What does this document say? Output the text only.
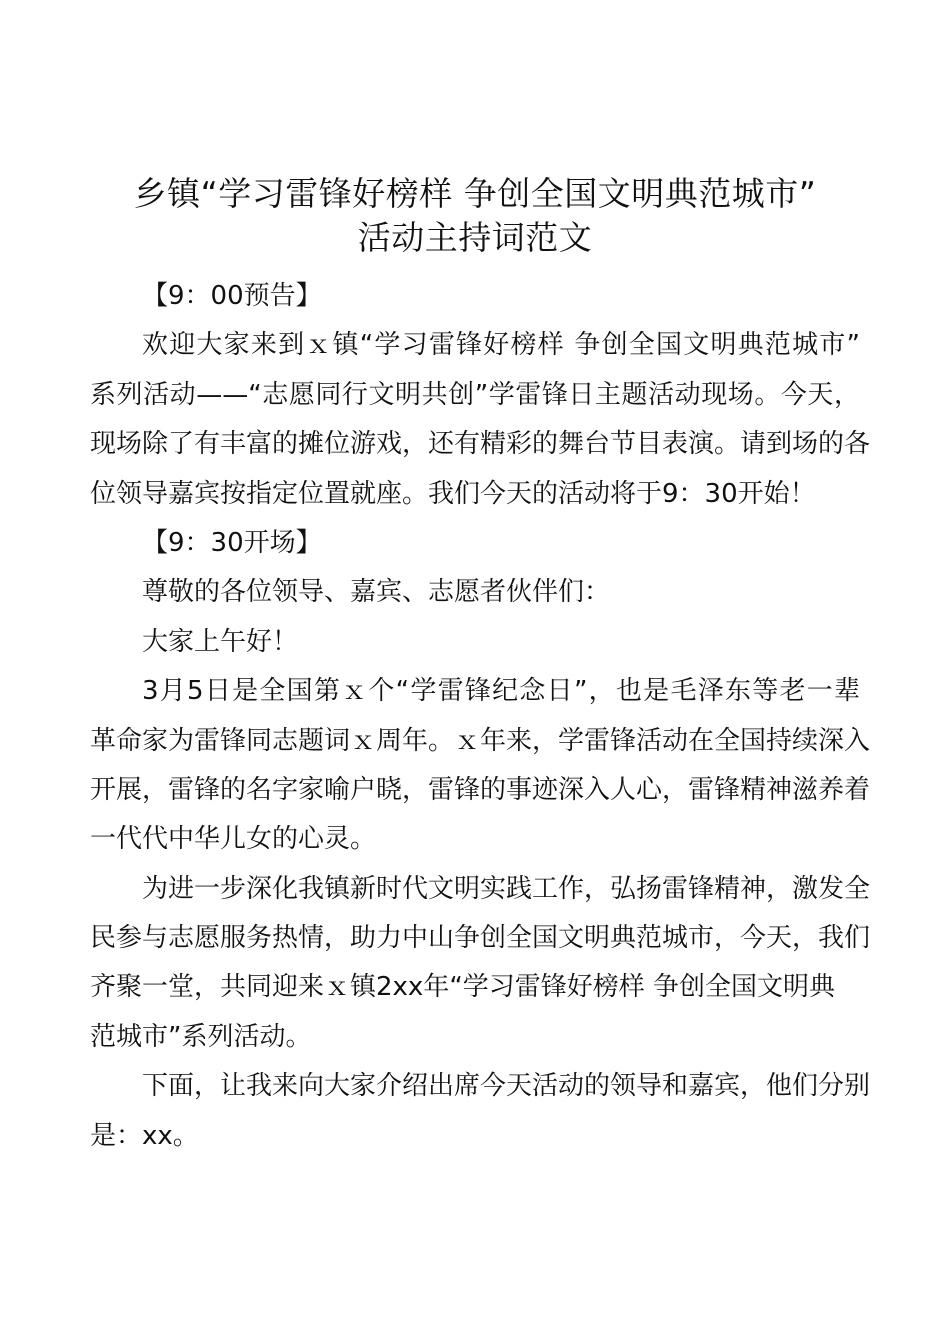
乡镇“学习雷锋好榜样 争创全国文明典范城市”
活动主持词范文
【9：00预告】
欢迎大家来到ｘ镇“学习雷锋好榜样 争创全国文明典范城市”
系列活动——“志愿同行文明共创”学雷锋日主题活动现场。今天，
现场除了有丰富的摊位游戏，还有精彩的舞台节目表演。请到场的各
位领导嘉宾按指定位置就座。我们今天的活动将于9：30开始！
【9：30开场】
尊敬的各位领导、嘉宾、志愿者伙伴们：
大家上午好！
3月5日是全国第ｘ个“学雷锋纪念日”，也是毛泽东等老一辈
革命家为雷锋同志题词ｘ周年。ｘ年来，学雷锋活动在全国持续深入
开展，雷锋的名字家喻户晓，雷锋的事迹深入人心，雷锋精神滋养着
一代代中华儿女的心灵。
为进一步深化我镇新时代文明实践工作，弘扬雷锋精神，激发全
民参与志愿服务热情，助力中山争创全国文明典范城市，今天，我们
齐聚一堂，共同迎来ｘ镇2xx年“学习雷锋好榜样 争创全国文明典
范城市”系列活动。
下面，让我来向大家介绍出席今天活动的领导和嘉宾，他们分别
是：xx。
